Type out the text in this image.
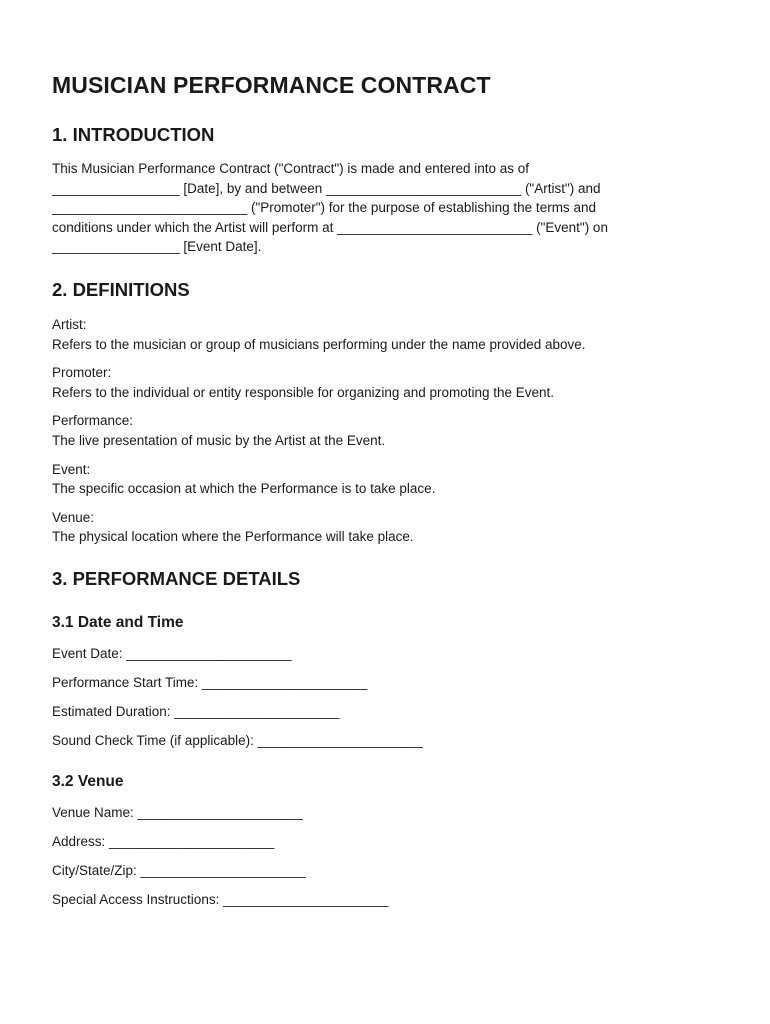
MUSICIAN PERFORMANCE CONTRACT
1. INTRODUCTION
This Musician Performance Contract ("Contract") is made and entered into as of
_________________ [Date], by and between __________________________ ("Artist") and
__________________________ ("Promoter") for the purpose of establishing the terms and
conditions under which the Artist will perform at __________________________ ("Event") on
_________________ [Event Date].
2. DEFINITIONS
Artist:
Refers to the musician or group of musicians performing under the name provided above.
Promoter:
Refers to the individual or entity responsible for organizing and promoting the Event.
Performance:
The live presentation of music by the Artist at the Event.
Event:
The specific occasion at which the Performance is to take place.
Venue:
The physical location where the Performance will take place.
3. PERFORMANCE DETAILS
3.1 Date and Time

Event Date: ______________________

Performance Start Time: ______________________

Estimated Duration: ______________________

Sound Check Time (if applicable): ______________________

3.2 Venue

Venue Name: ______________________

Address: ______________________

City/State/Zip: ______________________

Special Access Instructions: ______________________
